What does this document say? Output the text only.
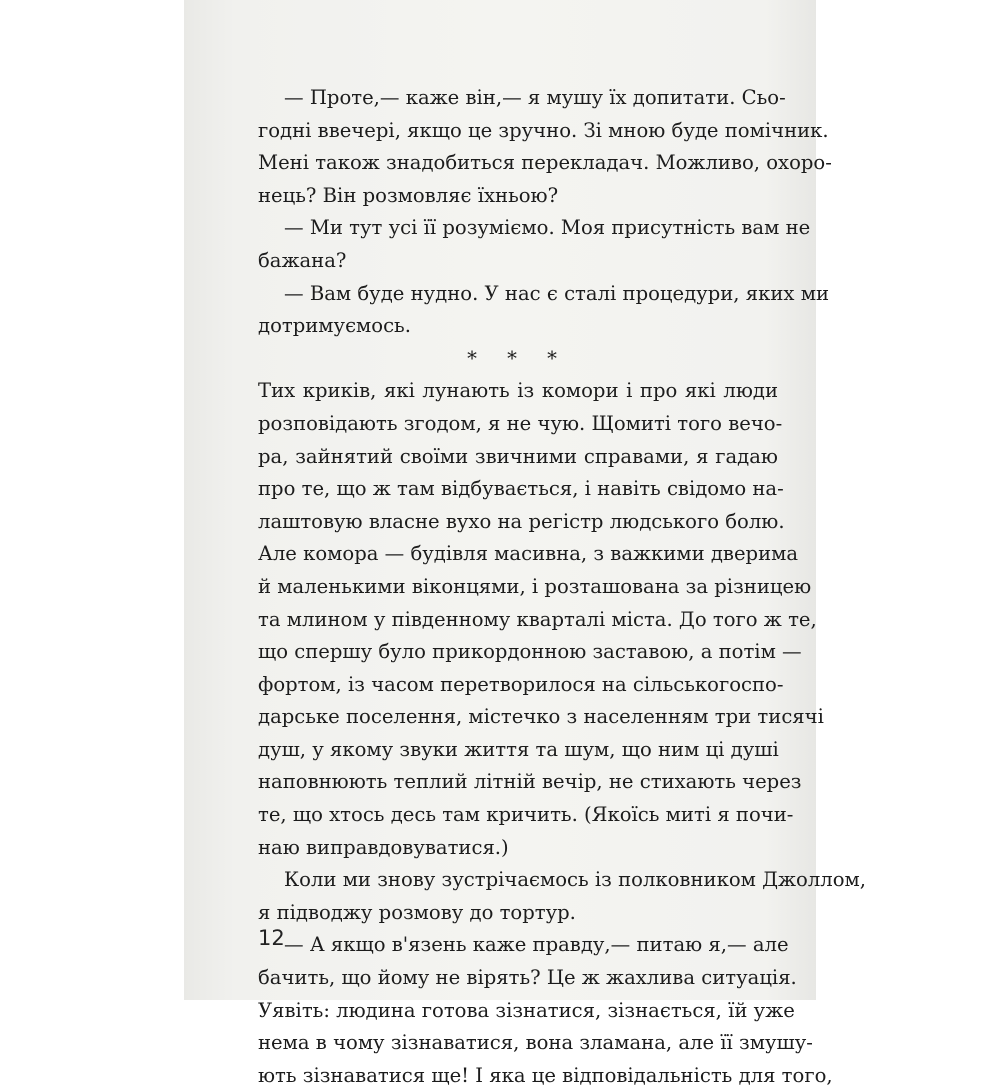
— Проте,— каже він,— я мушу їх допитати. Сьо-
годні ввечері, якщо це зручно. Зі мною буде помічник.
Мені також знадобиться перекладач. Можливо, охоро-
нець? Він розмовляє їхньою?
— Ми тут усі її розуміємо. Моя присутність вам не
бажана?
— Вам буде нудно. У нас є сталі процедури, яких ми
дотримуємось.
* * *
Тих криків, які лунають із комори і про які люди
розповідають згодом, я не чую. Щомиті того вечо-
ра, зайнятий своїми звичними справами, я гадаю
про те, що ж там відбувається, і навіть свідомо на-
лаштовую власне вухо на регістр людського болю.
Але комора — будівля масивна, з важкими дверима
й маленькими віконцями, і розташована за різницею
та млином у південному кварталі міста. До того ж те,
що спершу було прикордонною заставою, а потім —
фортом, із часом перетворилося на сільськогоспо-
дарське поселення, містечко з населенням три тисячі
душ, у якому звуки життя та шум, що ним ці душі
наповнюють теплий літній вечір, не стихають через
те, що хтось десь там кричить. (Якоїсь миті я почи-
наю виправдовуватися.)
Коли ми знову зустрічаємось із полковником Джоллом,
я підводжу розмову до тортур.
— А якщо в'язень каже правду,— питаю я,— але
бачить, що йому не вірять? Це ж жахлива ситуація.
Уявіть: людина готова зізнатися, зізнається, їй уже
нема в чому зізнаватися, вона зламана, але її змушу-
ють зізнаватися ще! І яка це відповідальність для того,
12
